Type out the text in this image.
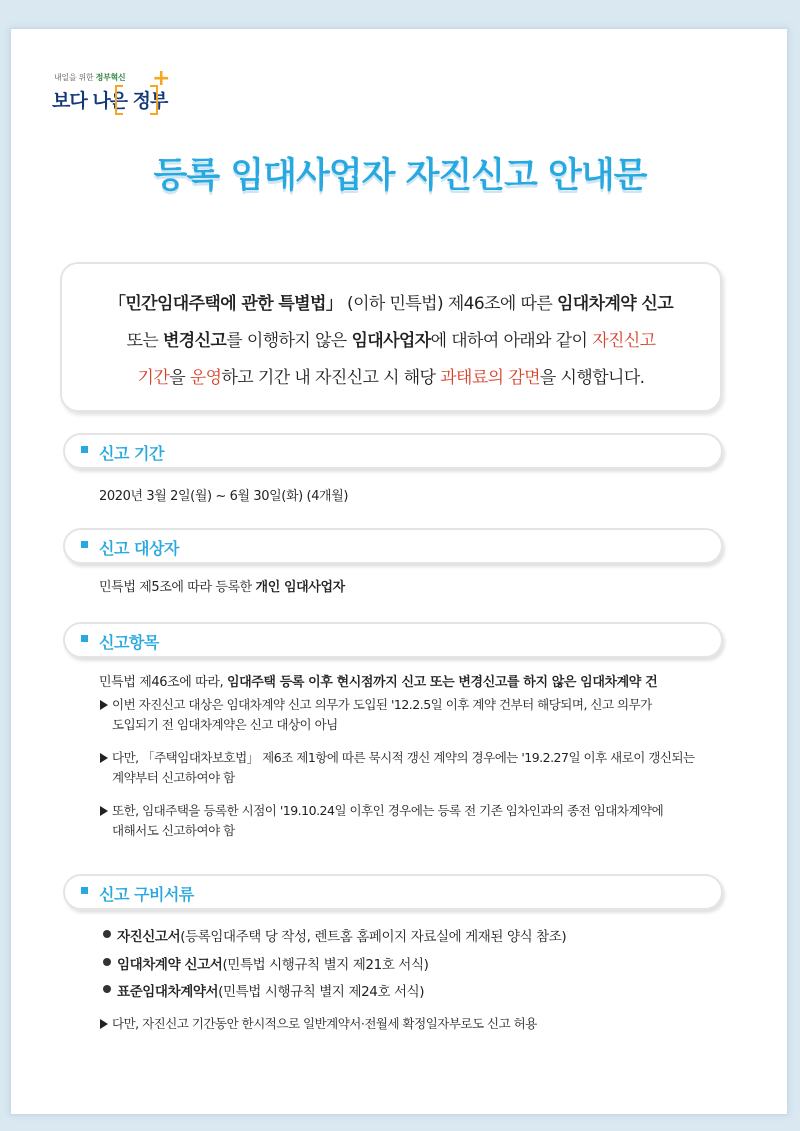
내일을 위한 정부혁신
보다 나은 정부
+
등록 임대사업자 자진신고 안내문

「민간임대주택에 관한 특별법」 (이하 민특법) 제46조에 따른 임대차계약 신고
또는 변경신고를 이행하지 않은 임대사업자에 대하여 아래와 같이 자진신고
기간을 운영하고 기간 내 자진신고 시 해당 과태료의 감면을 시행합니다.

신고 기간
2020년 3월 2일(월) ~ 6월 30일(화) (4개월)
신고 대상자
민특법 제5조에 따라 등록한 개인 임대사업자
신고항목
민특법 제46조에 따라, 임대주택 등록 이후 현시점까지 신고 또는 변경신고를 하지 않은 임대차계약 건
이번 자진신고 대상은 임대차계약 신고 의무가 도입된 '12.2.5일 이후 계약 건부터 해당되며, 신고 의무가
도입되기 전 임대차계약은 신고 대상이 아님
다만, 「주택임대차보호법」 제6조 제1항에 따른 묵시적 갱신 계약의 경우에는 '19.2.27일 이후 새로이 갱신되는
계약부터 신고하여야 함
또한, 임대주택을 등록한 시점이 '19.10.24일 이후인 경우에는 등록 전 기존 임차인과의 종전 임대차계약에
대해서도 신고하여야 함
신고 구비서류
자진신고서(등록임대주택 당 작성, 렌트홈 홈페이지 자료실에 게재된 양식 참조)
임대차계약 신고서(민특법 시행규칙 별지 제21호 서식)
표준임대차계약서(민특법 시행규칙 별지 제24호 서식)
다만, 자진신고 기간동안 한시적으로 일반계약서·전월세 확정일자부로도 신고 허용
